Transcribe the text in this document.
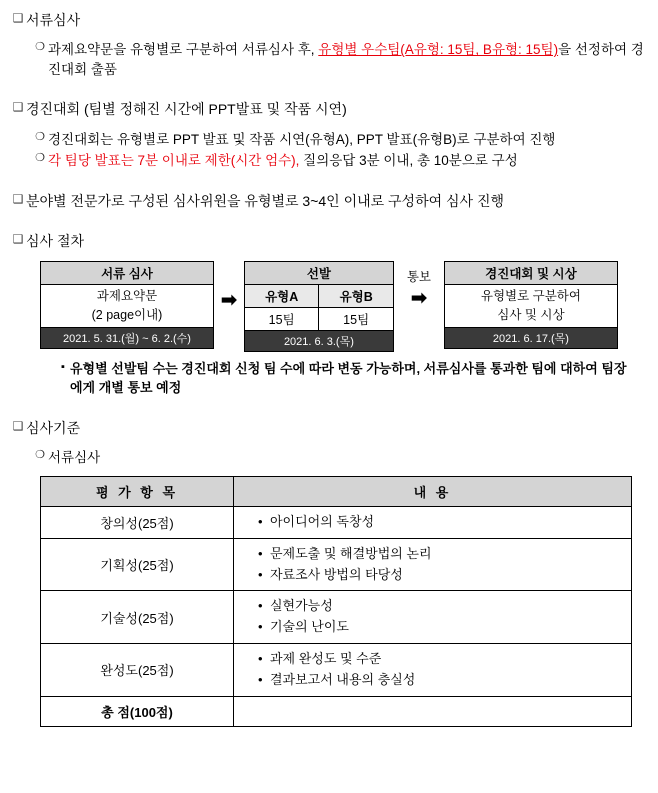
❑ 서류심사
❍ 과제요약문을 유형별로 구분하여 서류심사 후, 유형별 우수팀(A유형: 15팀, B유형: 15팀)을 선정하여 경진대회 출품
❑ 경진대회 (팀별 정해진 시간에 PPT발표 및 작품 시연)
❍ 경진대회는 유형별로 PPT 발표 및 작품 시연(유형A), PPT 발표(유형B)로 구분하여 진행
❍ 각 팀당 발표는 7분 이내로 제한(시간 엄수), 질의응답 3분 이내, 총 10분으로 구성
❑ 분야별 전문가로 구성된 심사위원을 유형별로 3~4인 이내로 구성하여 심사 진행
❑ 심사 절차
서류 심사
과제요약문
(2 page이내)
2021. 5. 31.(월) ~ 6. 2.(수)
➡
선발
유형A	유형B
15팀	15팀
2021. 6. 3.(목)
통보
➡
경진대회 및 시상
유형별로 구분하여
심사 및 시상
2021. 6. 17.(목)
▪ 유형별 선발팀 수는 경진대회 신청 팀 수에 따라 변동 가능하며, 서류심사를 통과한 팀에 대하여 팀장에게 개별 통보 예정
❑ 심사기준
❍ 서류심사
평 가 항 목	내 용
창의성(25점)	
•아이디어의 독창성

기획성(25점)	
• 문제도출 및 해결방법의 논리
• 자료조사 방법의 타당성

기술성(25점)	
• 실현가능성
• 기술의 난이도

완성도(25점)	
• 과제 완성도 및 수준
• 결과보고서 내용의 충실성

총 점(100점)	
